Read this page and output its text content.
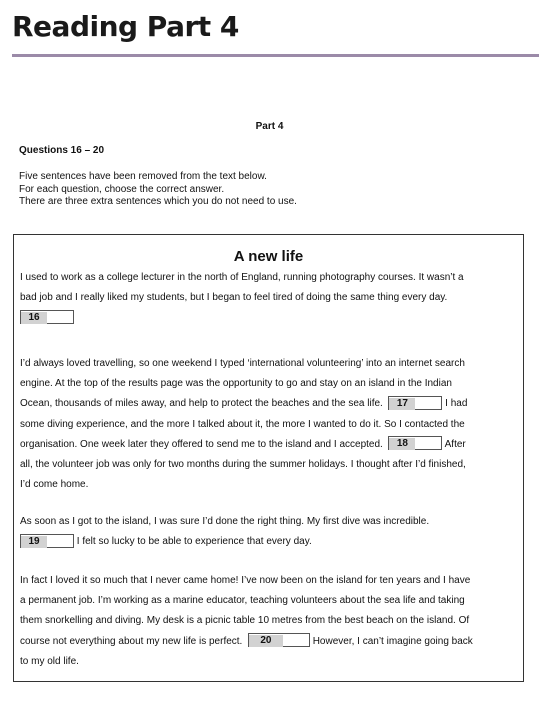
Reading Part 4
Part 4
Questions 16 – 20
Five sentences have been removed from the text below.
For each question, choose the correct answer.
There are three extra sentences which you do not need to use.
A new life
I used to work as a college lecturer in the north of England, running photography courses. It wasn’t a
bad job and I really liked my students, but I began to feel tired of doing the same thing every day.
16
I’d always loved travelling, so one weekend I typed ‘international volunteering’ into an internet search
engine. At the top of the results page was the opportunity to go and stay on an island in the Indian
Ocean, thousands of miles away, and help to protect the beaches and the sea life. 17	I had
some diving experience, and the more I talked about it, the more I wanted to do it. So I contacted the
organisation. One week later they offered to send me to the island and I accepted. 18	After
all, the volunteer job was only for two months during the summer holidays. I thought after I’d finished,
I’d come home.
As soon as I got to the island, I was sure I’d done the right thing. My first dive was incredible.
19	I felt so lucky to be able to experience that every day.
In fact I loved it so much that I never came home! I’ve now been on the island for ten years and I have
a permanent job. I’m working as a marine educator, teaching volunteers about the sea life and taking
them snorkelling and diving. My desk is a picnic table 10 metres from the best beach on the island. Of
course not everything about my new life is perfect. 20	However, I can’t imagine going back
to my old life.
